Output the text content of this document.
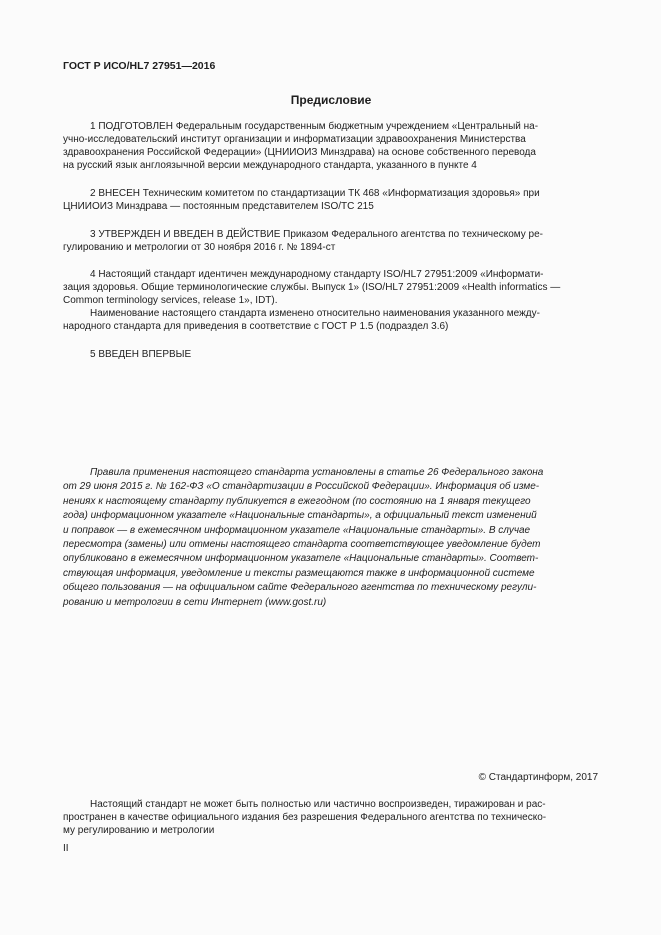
ГОСТ Р ИСО/HL7 27951—2016
Предисловие
1 ПОДГОТОВЛЕН Федеральным государственным бюджетным учреждением «Центральный на-
учно-исследовательский институт организации и информатизации здравоохранения Министерства
здравоохранения Российской Федерации» (ЦНИИОИЗ Минздрава) на основе собственного перевода
на русский язык англоязычной версии международного стандарта, указанного в пункте 4
2 ВНЕСЕН Техническим комитетом по стандартизации ТК 468 «Информатизация здоровья» при
ЦНИИОИЗ Минздрава — постоянным представителем ISO/TC 215
3 УТВЕРЖДЕН И ВВЕДЕН В ДЕЙСТВИЕ Приказом Федерального агентства по техническому ре-
гулированию и метрологии от 30 ноября 2016 г. № 1894-ст
4 Настоящий стандарт идентичен международному стандарту ISO/HL7 27951:2009 «Информати-
зация здоровья. Общие терминологические службы. Выпуск 1» (ISO/HL7 27951:2009 «Health informatics —
Common terminology services, release 1», IDT).
Наименование настоящего стандарта изменено относительно наименования указанного между-
народного стандарта для приведения в соответствие с ГОСТ Р 1.5 (подраздел 3.6)
5 ВВЕДЕН ВПЕРВЫЕ
Правила применения настоящего стандарта установлены в статье 26 Федерального закона
от 29 июня 2015 г. № 162-ФЗ «О стандартизации в Российской Федерации». Информация об изме-
нениях к настоящему стандарту публикуется в ежегодном (по состоянию на 1 января текущего
года) информационном указателе «Национальные стандарты», а официальный текст изменений
и поправок — в ежемесячном информационном указателе «Национальные стандарты». В случае
пересмотра (замены) или отмены настоящего стандарта соответствующее уведомление будет
опубликовано в ежемесячном информационном указателе «Национальные стандарты». Соответ-
ствующая информация, уведомление и тексты размещаются также в информационной системе
общего пользования — на официальном сайте Федерального агентства по техническому регули-
рованию и метрологии в сети Интернет (www.gost.ru)
© Стандартинформ, 2017
Настоящий стандарт не может быть полностью или частично воспроизведен, тиражирован и рас-
пространен в качестве официального издания без разрешения Федерального агентства по техническо-
му регулированию и метрологии
II
